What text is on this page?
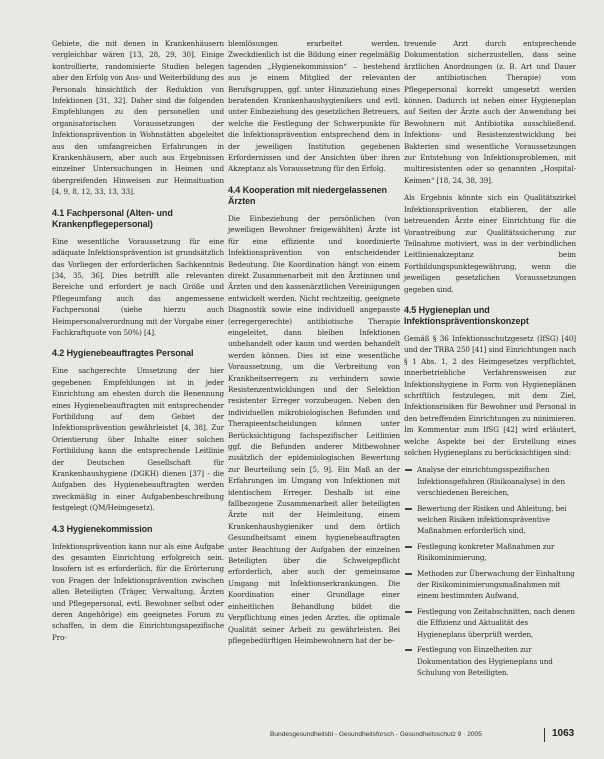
Gebiete, die mit denen in Krankenhäusern vergleichbar wären [13, 28, 29, 30]. Einige kontrollierte, randomisierte Studien belegen aber den Erfolg von Aus- und Weiterbildung des Personals hinsichtlich der Reduktion von Infektionen [31, 32]. Daher sind die folgenden Empfehlungen zu den personellen und organisatorischen Voraussetzungen der Infektionsprävention in Wohnstätten abgeleitet aus den umfangreichen Erfahrungen in Krankenhäusern, aber auch aus Ergebnissen einzelner Untersuchungen in Heimen und übergreifenden Hinweisen zur Heimsituation [4, 9, 8, 12, 33, 13, 33].

4.1 Fachpersonal (Alten- und Krankenpflegepersonal)

Eine wesentliche Voraussetzung für eine adäquate Infektionsprävention ist grundsätzlich das Vorliegen der erforderlichen Sachkenntnis [34, 35, 36]. Dies betrifft alle relevanten Bereiche und erfordert je nach Größe und Pflegeumfang auch das angemessene Fachpersonal (siehe hierzu auch Heimpersonalverordnung mit der Vorgabe einer Fachkraftquote von 50%) [4].

4.2 Hygienebeauftragtes Personal

Eine sachgerechte Umsetzung der hier gegebenen Empfehlungen ist in jeder Einrichtung am ehesten durch die Benennung eines Hygienebeauftragten mit entsprechender Fortbildung auf dem Gebiet der Infektionsprävention gewährleistet [4, 38]. Zur Orientierung über Inhalte einer solchen Fortbildung kann die entsprechende Leitlinie der Deutschen Gesellschaft für Krankenhaushygiene (DGKH) dienen [37] - die Aufgaben des Hygienebeauftragten werden zweckmäßig in einer Aufgabenbeschreibung festgelegt (QM/Heimgesetz).

4.3 Hygienekommission

Infektionsprävention kann nur als eine Aufgabe des gesamten Einrichtung erfolgreich sein. Insofern ist es erforderlich, für die Erörterung von Fragen der Infektionsprävention zwischen allen Beteiligten (Träger, Verwaltung, Ärzten und Pflegepersonal, evtl. Bewohner selbst oder deren Angehörige) ein geeignetes Forum zu schaffen, in dem die Einrichtungsspezifische Pro-

blemlösungen erarbeitet werden. Zweckdienlich ist die Bildung einer regelmäßig tagenden „Hygienekommission“ – bestehend aus je einem Mitglied der relevanten Berufsgruppen, ggf. unter Hinzuziehung eines beratenden Krankenhaushygienikers und evtl. unter Einbeziehung des gesetzlichen Betreuers, welche die Festlegung der Schwerpunkte für die Infektionsprävention entsprechend dem in der jeweiligen Institution gegebenen Erfordernissen und der Ansichten über ihren Akzeptanz als Voraussetzung für den Erfolg.

4.4 Kooperation mit niedergelassenen Ärzten

Die Einbeziehung der persönlichen (von jeweiligen Bewohner freigewählten) Ärzte ist für eine effiziente und koordinierte Infektionsprävention von entscheidender Bedeutung. Die Koordination hängt von einem direkt Zusammenarbeit mit den Ärztinnen und Ärzten und den kassenärztlichen Vereinigungen entwickelt werden. Nicht rechtzeitig, geeignete Diagnostik sowie eine individuell angepasste (erregergerechte) antibiotische Therapie eingeleitet, dann bleiben Infektionen unbehandelt oder kaum und werden behandelt werden können. Dies ist eine wesentliche Voraussetzung, um die Verbreitung von Krankheitserregern zu verhindern sowie Resistenzentwicklungen und der Selektion resistenter Erreger vorzubeugen. Neben den individuellen mikrobiologischen Befunden und Therapieentscheidungen können unter Berücksichtigung fachspezifischer Leitlinien ggf. die Befunden anderer Mitbewohner zusätzlich der epidemiologischen Bewertung zur Beurteilung sein [5, 9]. Ein Maß an der Erfahrungen im Umgang von Infektionen mit identischem Erreger. Deshalb ist eine fallbezogene Zusammenarbeit aller beteiligten Ärzte mit der Heimleitung, einem Krankenhaushygieniker und dem örtlich Gesundheitsamt einem hygienebeauftragten unter Beachtung der Aufgaben der einzelnen Beteiligten über die Schweigepflicht erforderlich, aber auch der gemeinsame Umgang mit Infektionserkrankungen. Die Koordination einer Grundlage einer einheitlichen Behandlung bildet die Verpflichtung eines jeden Arztes, die optimale Qualität seiner Arbeit zu gewährleisten. Bei pflegebedürftigen Heimbewohnern hat der be-

treuende Arzt durch entsprechende Dokumentation sicherzustellen, dass seine ärztlichen Anordnungen (z. B. Art und Dauer der antibiotischen Therapie) vom Pflegepersonal korrekt umgesetzt werden können. Dadurch ist neben einer Hygieneplan auf Seiten der Ärzte auch der Anwendung bei Bewohnern mit Antibiotika ausschließend. Infektions- und Resistenzentwicklung bei Bakterien sind wesentliche Voraussetzungen zur Entstehung von Infektionsproblemen, mit multiresistenten oder so genannten „Hospital-Keimen“ [18, 24, 38, 39].

Als Ergebnis könnte sich ein Qualitätszirkel Infektionsprävention etablieren, der alle betreuenden Ärzte einer Einrichtung für die Vorantreibung zur Qualitätssicherung zur Teilnahme motiviert, was in der verbindlichen Leitlinienakzeptanz beim Fortbildungspunktegewährung, wenn die jeweiligen gesetzlichen Voraussetzungen gegeben sind.

4.5 Hygieneplan und Infektionspräventionskonzept

Gemäß § 36 Infektionsschutzgesetz (IfSG) [40] und der TRBA 250 [41] sind Einrichtungen nach § 1 Abs. 1, 2 des Heimgesetzes verpflichtet, innerbetriebliche Verfahrensweisen zur Infektionshygiene in Form von Hygieneplänen schriftlich festzulegen, mit dem Ziel, Infektionsrisiken für Bewohner und Personal in den betreffenden Einrichtungen zu minimieren. Im Kommentar zum IfSG [42] wird erläutert, welche Aspekte bei der Erstellung eines solchen Hygieneplans zu berücksichtigen sind:

Analyse der einrichtungsspezifischen Infektionsgefahren (Risikoanalyse) in den verschiedenen Bereichen,
Bewertung der Risiken und Ableitung, bei welchen Risiken infektionspräventive Maßnahmen erforderlich sind,
Festlegung konkreter Maßnahmen zur Risikominimierung,
Methoden zur Überwachung der Einhaltung der Risikominimierungsmaßnahmen mit einem bestimmten Aufwand,
Festlegung von Zeitabschnitten, nach denen die Effizienz und Aktualität des Hygieneplans überprüft werden,
Festlegung von Einzelheiten zur Dokumentation des Hygieneplans und Schulung von Beteiligten.
Bundesgesundheitsbl - Gesundheitsforsch - Gesundheitsschutz 9 · 2005	1063
